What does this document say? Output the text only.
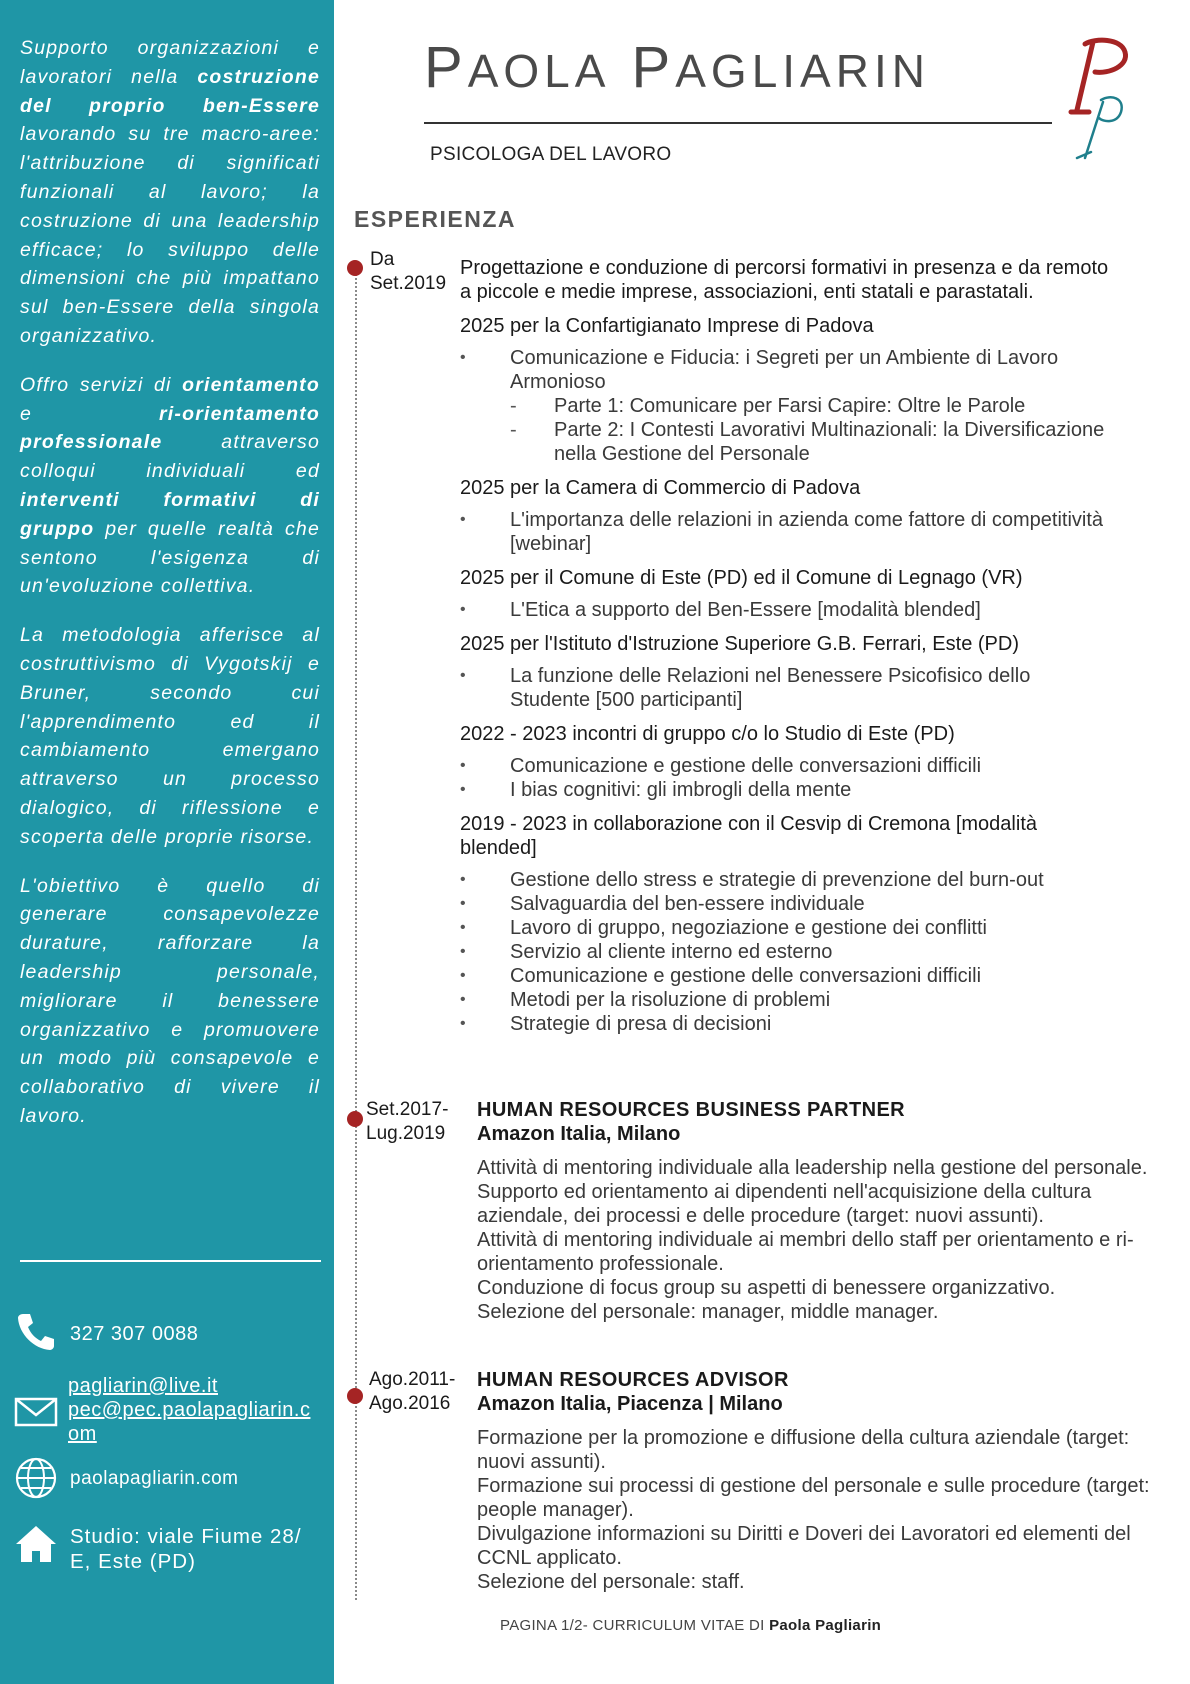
Supporto organizzazioni e lavoratori nella costruzione del proprio ben-Essere lavorando su tre macro-aree: l'attribuzione di significati funzionali al lavoro; la costruzione di una leadership efficace; lo sviluppo delle dimensioni che più impattano sul ben-Essere della singola organizzativo.

Offro servizi di orientamento e ri-orientamento professionale attraverso colloqui individuali ed interventi formativi di gruppo per quelle realtà che sentono l'esigenza di un'evoluzione collettiva.

La metodologia afferisce al costruttivismo di Vygotskij e Bruner, secondo cui l'apprendimento ed il cambiamento emergano attraverso un processo dialogico, di riflessione e scoperta delle proprie risorse.

L'obiettivo è quello di generare consapevolezze durature, rafforzare la leadership personale, migliorare il benessere organizzativo e promuovere un modo più consapevole e collaborativo di vivere il lavoro.

327 307 0088
pagliarin@live.it
pec@pec.paolapagliarin.com
paolapagliarin.com
Studio: viale Fiume 28/ E, Este (PD)
PAOLA PAGLIARIN
PSICOLOGA DEL LAVORO
ESPERIENZA
Da Set.2019

Progettazione e conduzione di percorsi formativi in presenza e da remoto a piccole e medie imprese, associazioni, enti statali e parastatali.

2025 per la Confartigianato Imprese di Padova
• Comunicazione e Fiducia: i Segreti per un Ambiente di Lavoro Armonioso
- Parte 1: Comunicare per Farsi Capire: Oltre le Parole
- Parte 2: I Contesti Lavorativi Multinazionali: la Diversificazione nella Gestione del Personale
2025 per la Camera di Commercio di Padova
• L'importanza delle relazioni in azienda come fattore di competitività [webinar]
2025 per il Comune di Este (PD) ed il Comune di Legnago (VR)
• L'Etica a supporto del Ben-Essere [modalità blended]
2025 per l'Istituto d'Istruzione Superiore G.B. Ferrari, Este (PD)
• La funzione delle Relazioni nel Benessere Psicofisico dello Studente [500 participanti]
2022 - 2023 incontri di gruppo c/o lo Studio di Este (PD)
• Comunicazione e gestione delle conversazioni difficili
• I bias cognitivi: gli imbrogli della mente
2019 - 2023 in collaborazione con il Cesvip di Cremona [modalità blended]
• Gestione dello stress e strategie di prevenzione del burn-out
• Salvaguardia del ben-essere individuale
• Lavoro di gruppo, negoziazione e gestione dei conflitti
• Servizio al cliente interno ed esterno
• Comunicazione e gestione delle conversazioni difficili
• Metodi per la risoluzione di problemi
• Strategie di presa di decisioni
Set.2017- Lug.2019
HUMAN RESOURCES BUSINESS PARTNER
Amazon Italia, Milano
Attività di mentoring individuale alla leadership nella gestione del personale.
Supporto ed orientamento ai dipendenti nell'acquisizione della cultura aziendale, dei processi e delle procedure (target: nuovi assunti).
Attività di mentoring individuale ai membri dello staff per orientamento e ri-orientamento professionale.
Conduzione di focus group su aspetti di benessere organizzativo.
Selezione del personale: manager, middle manager.
Ago.2011- Ago.2016
HUMAN RESOURCES ADVISOR
Amazon Italia, Piacenza | Milano
Formazione per la promozione e diffusione della cultura aziendale (target: nuovi assunti).
Formazione sui processi di gestione del personale e sulle procedure (target: people manager).
Divulgazione informazioni su Diritti e Doveri dei Lavoratori ed elementi del CCNL applicato.
Selezione del personale: staff.
PAGINA 1/2- CURRICULUM VITAE DI Paola Pagliarin
